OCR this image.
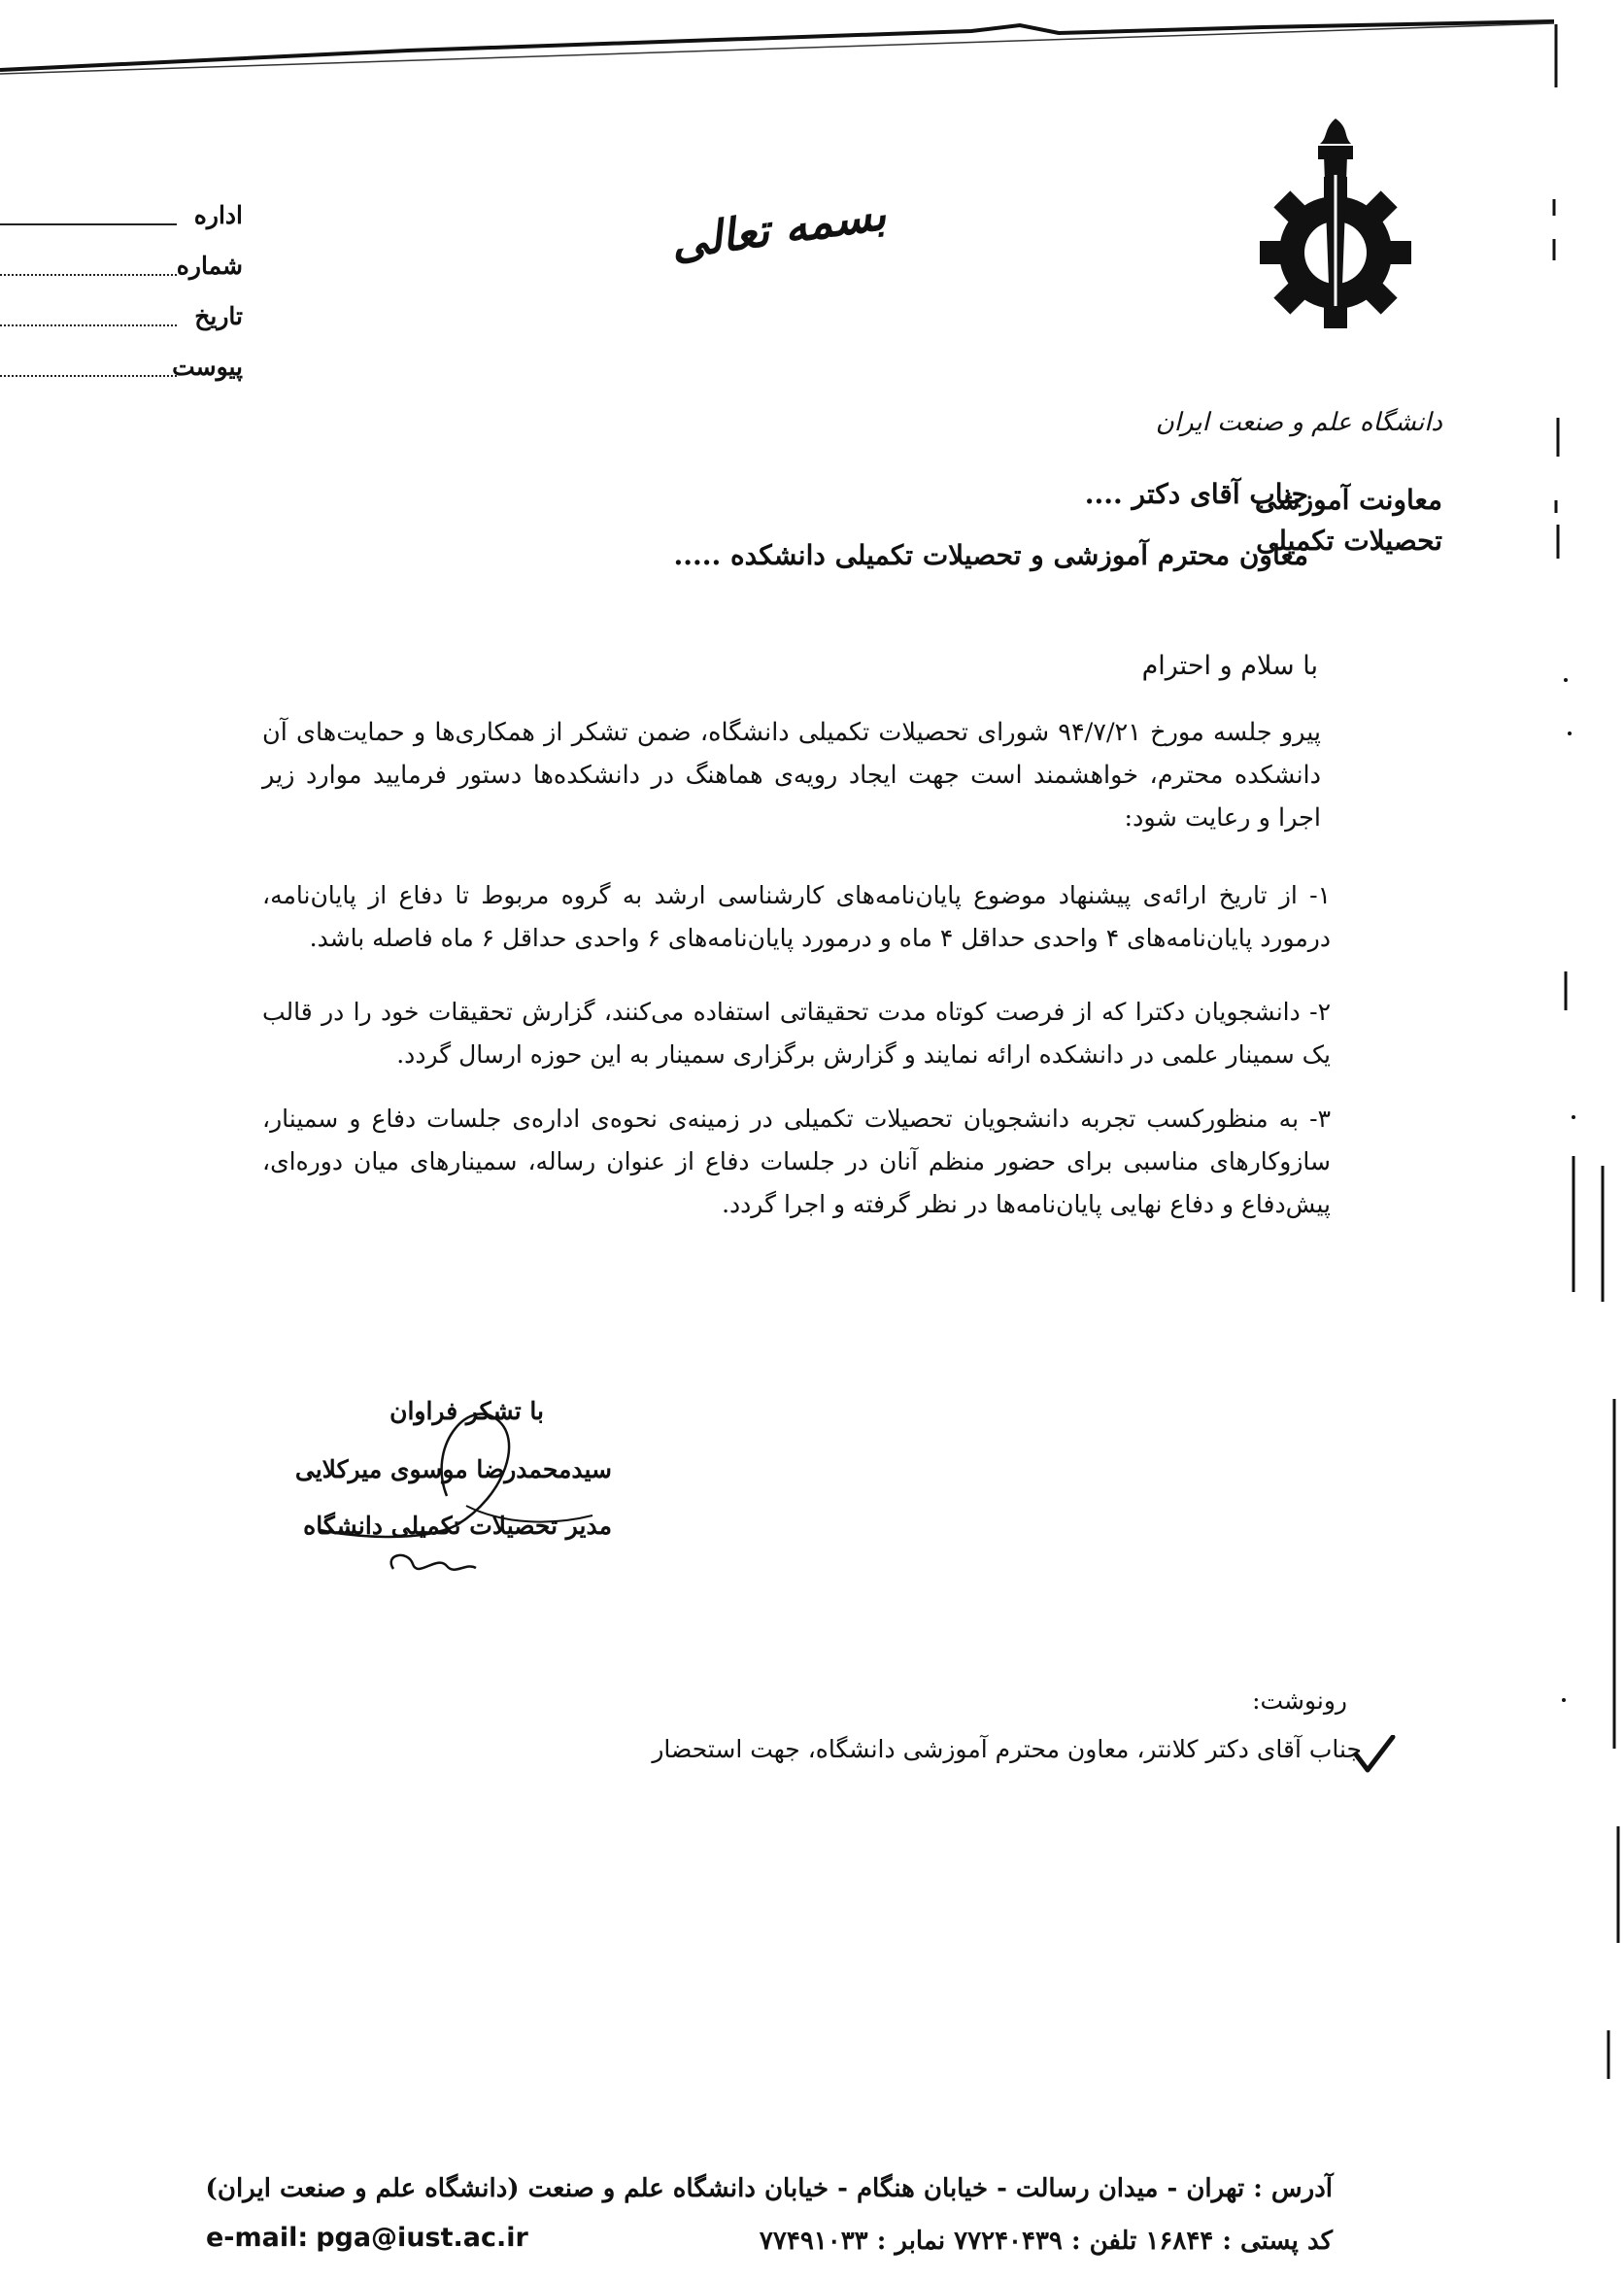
دانشگاه علم و صنعت ایران
معاونت آموزشی
تحصیلات تکمیلی
بسمه تعالی
اداره
شماره
تاریخ
پیوست
جناب آقای دکتر ....
معاون محترم آموزشی و تحصیلات تکمیلی دانشکده .....
با سلام و احترام
پیرو جلسه مورخ ۹۴/۷/۲۱ شورای تحصیلات تکمیلی دانشگاه، ضمن تشکر از همکاری‌ها و حمایت‌های آن دانشکده محترم، خواهشمند است جهت ایجاد رویه‌ی هماهنگ در دانشکده‌ها دستور فرمایید موارد زیر اجرا و رعایت شود:
۱- از تاریخ ارائه‌ی پیشنهاد موضوع پایان‌نامه‌های کارشناسی ارشد به گروه مربوط تا دفاع از پایان‌نامه، درمورد پایان‌نامه‌های ۴ واحدی حداقل ۴ ماه و درمورد پایان‌نامه‌های ۶ واحدی حداقل ۶ ماه فاصله باشد.
۲- دانشجویان دکترا که از فرصت کوتاه مدت تحقیقاتی استفاده می‌کنند، گزارش تحقیقات خود را در قالب یک سمینار علمی در دانشکده ارائه نمایند و گزارش برگزاری سمینار به این حوزه ارسال گردد.
۳- به منظورکسب تجربه دانشجویان تحصیلات تکمیلی در زمینه‌ی نحوه‌ی اداره‌ی جلسات دفاع و سمینار، سازوکارهای مناسبی برای حضور منظم آنان در جلسات دفاع از عنوان رساله، سمینارهای میان دوره‌ای، پیش‌دفاع و دفاع نهایی پایان‌نامه‌ها در نظر گرفته و اجرا گردد.
با تشکر فراوان
سیدمحمدرضا موسوی میرکلایی
مدیر تحصیلات تکمیلی دانشگاه
رونوشت:
جناب آقای دکتر کلانتر، معاون محترم آموزشی دانشگاه، جهت استحضار
آدرس : تهران - میدان رسالت - خیابان هنگام - خیابان دانشگاه علم و صنعت (دانشگاه علم و صنعت ایران)
کد پستی : ۱۶۸۴۴ تلفن : ۷۷۲۴۰۴۳۹ نمابر : ۷۷۴۹۱۰۳۳
e-mail: pga@iust.ac.ir
